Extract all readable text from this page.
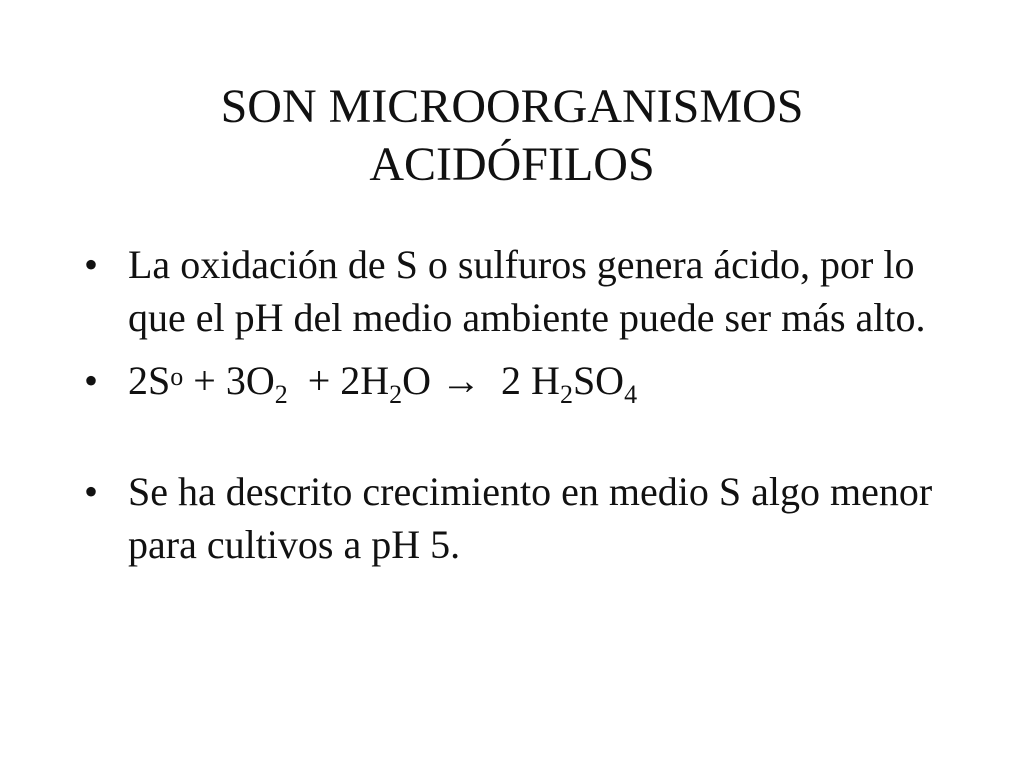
SON MICROORGANISMOS
ACIDÓFILOS
• La oxidación de S o sulfuros genera ácido, por lo que el pH del medio ambiente puede ser más alto.
• $2S^o + 3O_2 + 2H_2O \to 2$ $H_2SO_4$
• Se ha descrito crecimiento en medio S algo menor para cultivos a pH 5.
